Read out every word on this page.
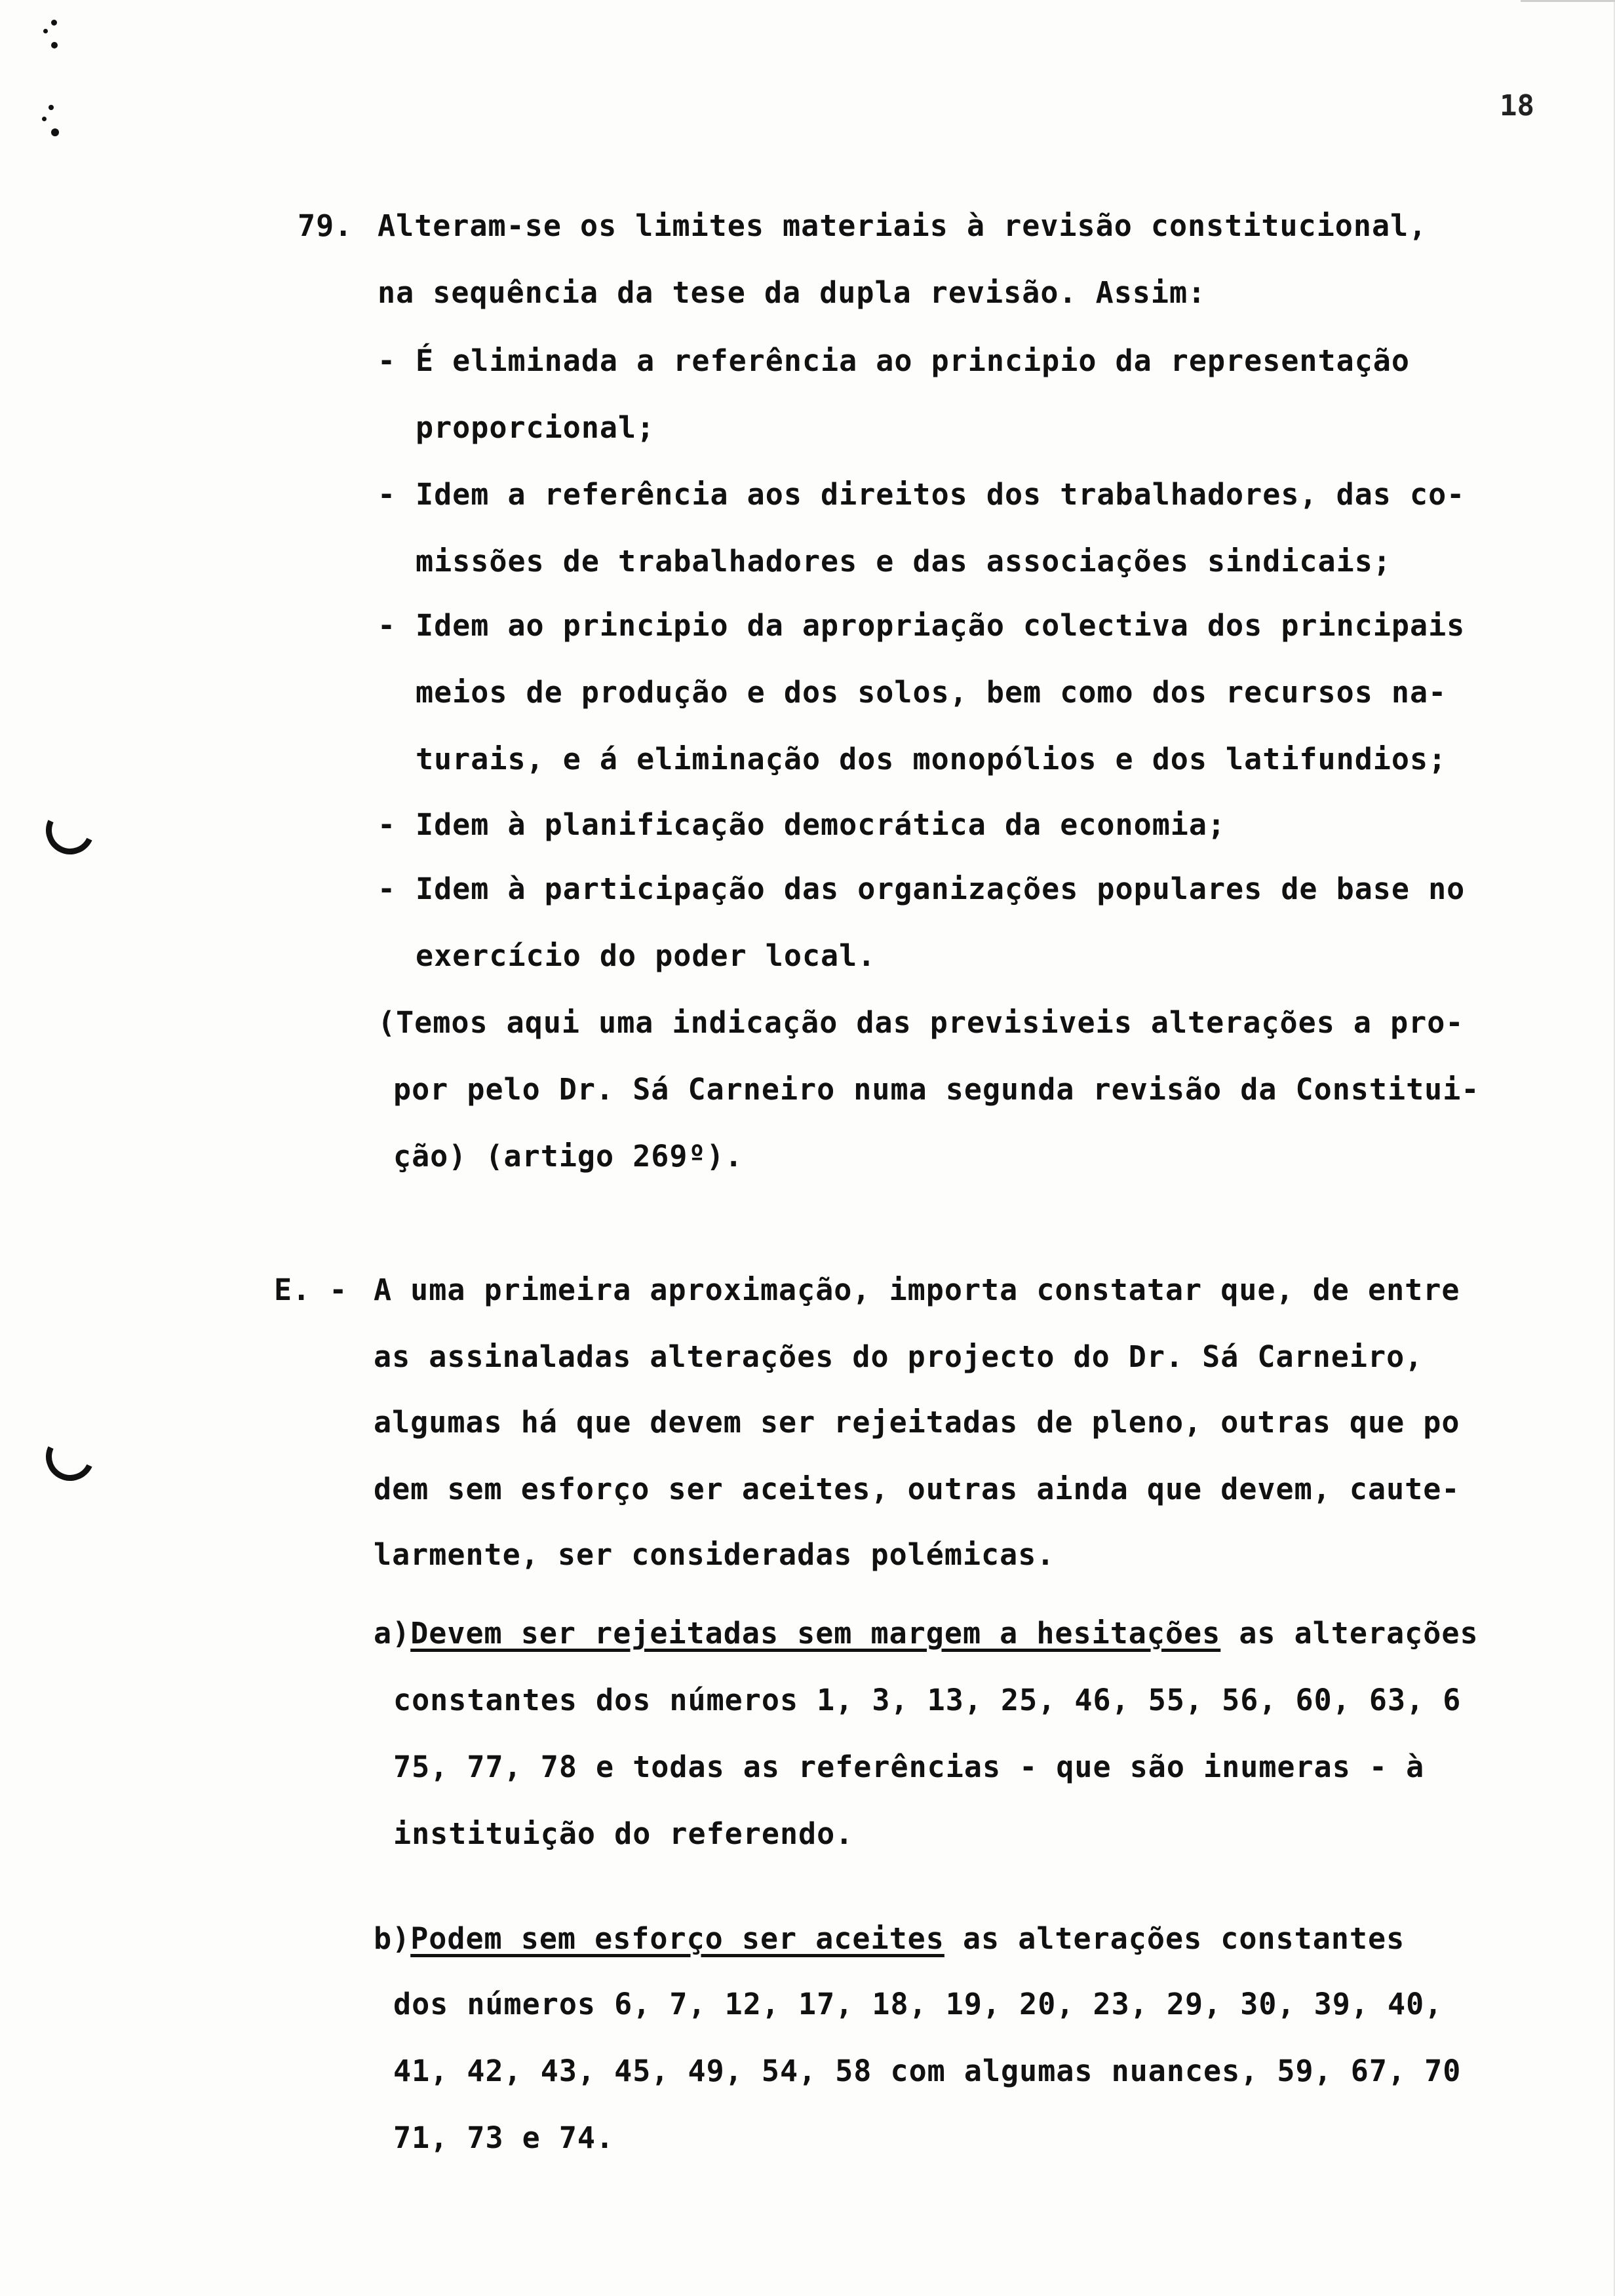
18
79. Alteram-se os limites materiais à revisão constitucional,
na sequência da tese da dupla revisão. Assim:
- É eliminada a referência ao principio da representação
proporcional;
- Idem a referência aos direitos dos trabalhadores, das co-
missões de trabalhadores e das associações sindicais;
- Idem ao principio da apropriação colectiva dos principais
meios de produção e dos solos, bem como dos recursos na-
turais, e á eliminação dos monopólios e dos latifundios;
- Idem à planificação democrática da economia;
- Idem à participação das organizações populares de base no
exercício do poder local.
(Temos aqui uma indicação das previsiveis alterações a pro-
por pelo Dr. Sá Carneiro numa segunda revisão da Constitui-
ção) (artigo 269º).
E. - A uma primeira aproximação, importa constatar que, de entre
as assinaladas alterações do projecto do Dr. Sá Carneiro,
algumas há que devem ser rejeitadas de pleno, outras que po
dem sem esforço ser aceites, outras ainda que devem, caute-
larmente, ser consideradas polémicas.
a)Devem ser rejeitadas sem margem a hesitações as alterações
constantes dos números 1, 3, 13, 25, 46, 55, 56, 60, 63, 6
75, 77, 78 e todas as referências - que são inumeras - à
instituição do referendo.
b)Podem sem esforço ser aceites as alterações constantes
dos números 6, 7, 12, 17, 18, 19, 20, 23, 29, 30, 39, 40,
41, 42, 43, 45, 49, 54, 58 com algumas nuances, 59, 67, 70
71, 73 e 74.
